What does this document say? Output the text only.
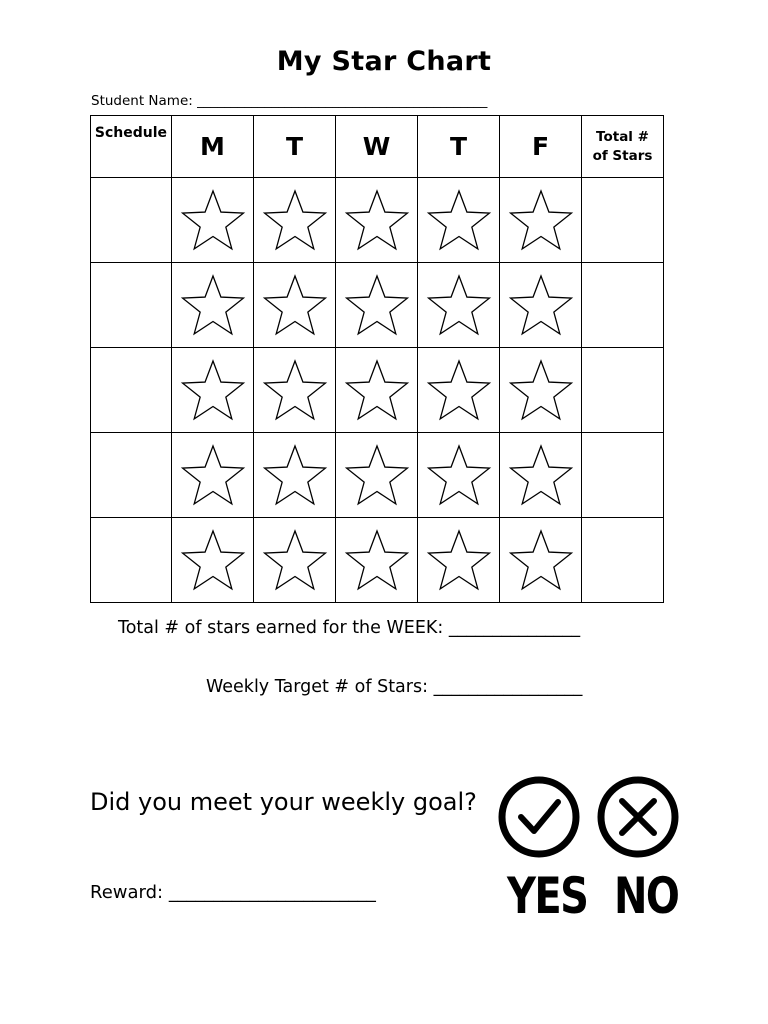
My Star Chart
Student Name: ___________________________________________
Schedule	M	T	W	T	F	Total #
of Stars

Total # of stars earned for the WEEK: _______________
Weekly Target # of Stars: _________________
Did you meet your weekly goal?
Reward: _______________________	YES NO
